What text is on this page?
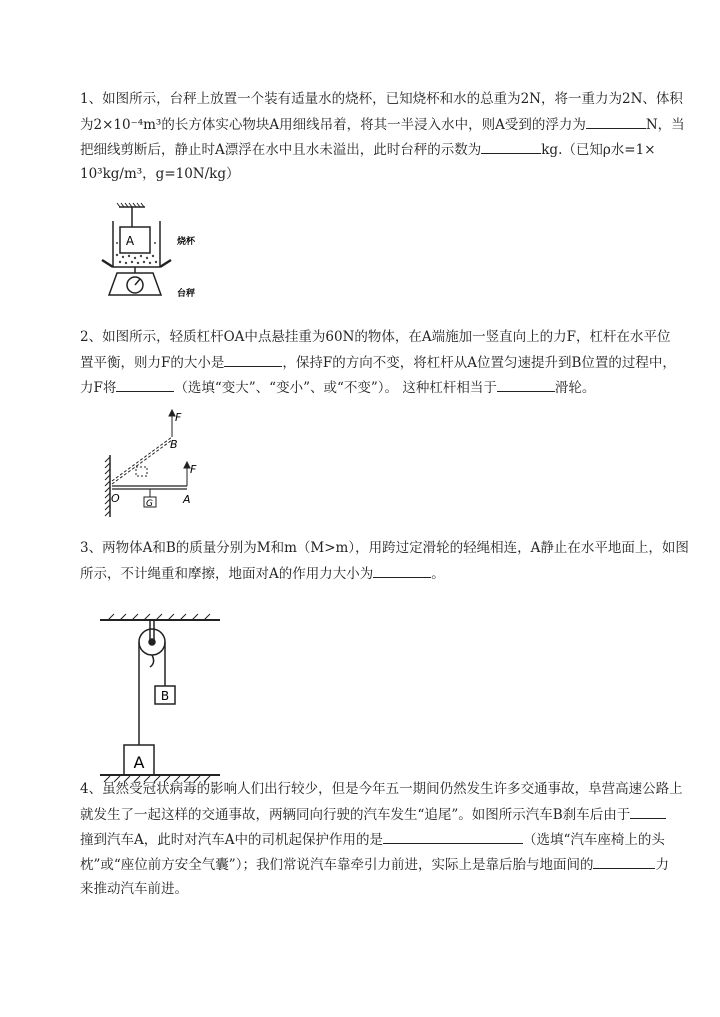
1、如图所示，台秤上放置一个装有适量水的烧杯，已知烧杯和水的总重为2N，将一重力为2N、体积
为2×10⁻⁴m³的长方体实心物块A用细线吊着，将其一半浸入水中，则A受到的浮力为	N，当
把细线剪断后，静止时A漂浮在水中且水未溢出，此时台秤的示数为	kg.（已知ρ水=1×
10³kg/m³，g=10N/kg）
2、如图所示，轻质杠杆OA中点悬挂重为60N的物体，在A端施加一竖直向上的力F，杠杆在水平位
置平衡，则力F的大小是	，保持F的方向不变，将杠杆从A位置匀速提升到B位置的过程中，
力F将	（选填“变大”、“变小”、或“不变”）。 这种杠杆相当于	滑轮。
3、两物体A和B的质量分别为M和m（M>m），用跨过定滑轮的轻绳相连，A静止在水平地面上，如图
所示，不计绳重和摩擦，地面对A的作用力大小为	。
4、虽然受冠状病毒的影响人们出行较少，但是今年五一期间仍然发生许多交通事故，阜营高速公路上
就发生了一起这样的交通事故，两辆同向行驶的汽车发生“追尾”。如图所示汽车B刹车后由于
撞到汽车A，此时对汽车A中的司机起保护作用的是	（选填“汽车座椅上的头
枕”或“座位前方安全气囊”）；我们常说汽车靠牵引力前进，实际上是靠后胎与地面间的	力
来推动汽车前进。
A	烧杯
台秤
F
B
F
O	A
G
A
B
